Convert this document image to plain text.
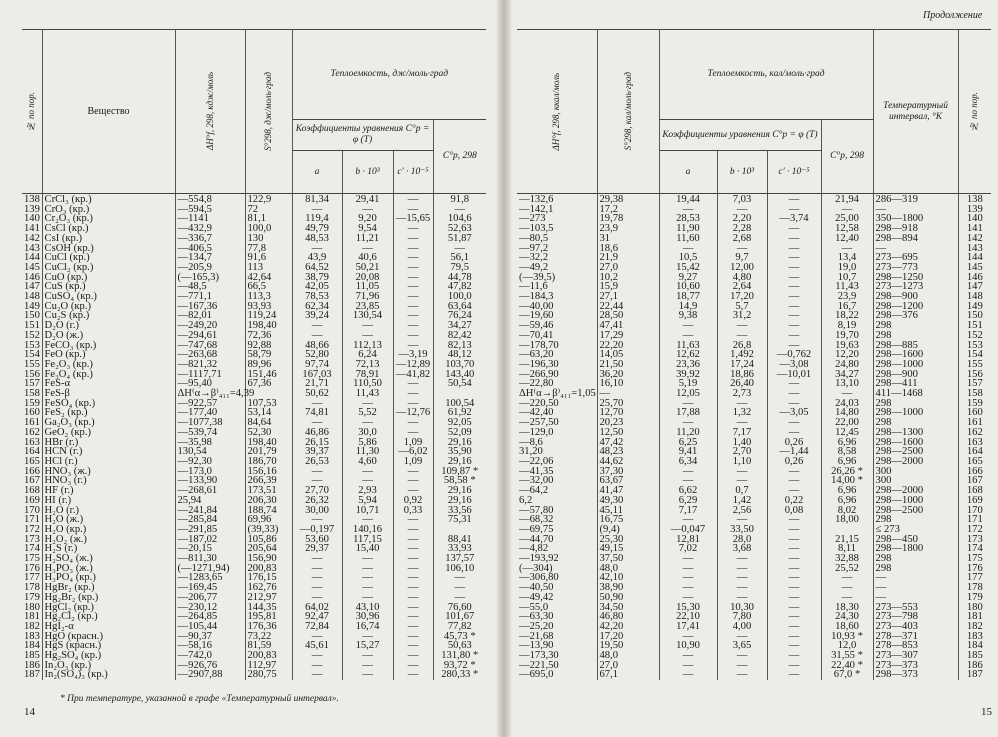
№ по пор.	Вещество	ΔH°f, 298, кдж/моль	S°298, дж/моль·град	Теплоемкость, дж/моль·град			
				Коэффициенты уравнения C°p = φ (T)			C°p, 298
				a	b · 10³	c' · 10⁻⁵	
138	CrCl₃ (кр.)	—554,8	122,9	81,34	29,41	—	91,8
139	CrO₃ (кр.)	—594,5	72	—	—	—	—
140	Cr₂O₃ (кр.)	—1141	81,1	119,4	9,20	—15,65	104,6
141	CsCl (кр.)	—432,9	100,0	49,79	9,54	—	52,63
142	CsI (кр.)	—336,7	130	48,53	11,21	—	51,87
143	CsOH (кр.)	—406,5	77,8	—	—	—	—
144	CuCl (кр.)	—134,7	91,6	43,9	40,6	—	56,1
145	CuCl₂ (кр.)	—205,9	113	64,52	50,21	—	79,5
146	CuO (кр.)	(—165,3)	42,64	38,79	20,08	—	44,78
147	CuS (кр.)	—48,5	66,5	42,05	11,05	—	47,82
148	CuSO₄ (кр.)	—771,1	113,3	78,53	71,96	—	100,0
149	Cu₂O (кр.)	—167,36	93,93	62,34	23,85	—	63,64
150	Cu₂S (кр.)	—82,01	119,24	39,24	130,54	—	76,24
151	D₂O (г.)	—249,20	198,40	—	—	—	34,27
152	D₂O (ж.)	—294,61	72,36	—	—	—	82,42
153	FeCO₃ (кр.)	—747,68	92,88	48,66	112,13	—	82,13
154	FeO (кр.)	—263,68	58,79	52,80	6,24	—3,19	48,12
155	Fe₂O₃ (кр.)	—821,32	89,96	97,74	72,13	—12,89	103,70
156	Fe₃O₄ (кр.)	—1117,71	151,46	167,03	78,91	—41,82	143,40
157	FeS-α	—95,40	67,36	21,71	110,50	—	50,54
158	FeS-β	ΔH⁽α→β⁾₄₁₁=4,39		50,62	11,43	—	
159	FeSO₄ (кр.)	—922,57	107,53	—	—	—	100,54
160	FeS₂ (кр.)	—177,40	53,14	74,81	5,52	—12,76	61,92
161	Ga₂O₃ (кр.)	—1077,38	84,64	—	—	—	92,05
162	GeO₂ (кр.)	—539,74	52,30	46,86	30,0	—	52,09
163	HBr (г.)	—35,98	198,40	26,15	5,86	1,09	29,16
164	HCN (г.)	130,54	201,79	39,37	11,30	—6,02	35,90
165	HCl (г.)	—92,30	186,70	26,53	4,60	1,09	29,16
166	HNO₃ (ж.)	—173,0	156,16	—	—	—	109,87 *
167	HNO₃ (г.)	—133,90	266,39	—	—	—	58,58 *
168	HF (г.)	—268,61	173,51	27,70	2,93	—	29,16
169	HI (г.)	25,94	206,30	26,32	5,94	0,92	29,16
170	H₂O (г.)	—241,84	188,74	30,00	10,71	0,33	33,56
171	H₂O (ж.)	—285,84	69,96	—	—	—	75,31
172	H₂O (кр.)	—291,85	(39,33)	—0,197	140,16	—	
173	H₂O₂ (ж.)	—187,02	105,86	53,60	117,15	—	88,41
174	H₂S (г.)	—20,15	205,64	29,37	15,40	—	33,93
175	H₂SO₄ (ж.)	—811,30	156,90	—	—	—	137,57
176	H₃PO₃ (ж.)	(—1271,94)	200,83	—	—	—	106,10
177	H₃PO₄ (кр.)	—1283,65	176,15	—	—	—	—
178	HgBr₂ (кр.)	—169,45	162,76	—	—	—	—
179	Hg₂Br₂ (кр.)	—206,77	212,97	—	—	—	—
180	HgCl₂ (кр.)	—230,12	144,35	64,02	43,10	—	76,60
181	Hg₂Cl₂ (кр.)	—264,85	195,81	92,47	30,96	—	101,67
182	HgI₂-α	—105,44	176,36	72,84	16,74	—	77,82
183	HgO (красн.)	—90,37	73,22	—	—	—	45,73 *
184	HgS (красн.)	—58,16	81,59	45,61	15,27	—	50,63
185	Hg₂SO₄ (кр.)	—742,0	200,83	—	—	—	131,80 *
186	In₂O₃ (кр.)	—926,76	112,97	—	—	—	93,72 *
187	In₂(SO₄)₃ (кр.)	—2907,88	280,75	—	—	—	280,33 *
* При температуре, указанной в графе «Температурный интервал».
14
Продолжение
ΔH°f, 298, ккал/моль	S°298, кал/моль·град	Теплоемкость, кал/моль·град				Температурный интервал, °K	№ по пор.

		Коэффициенты уравнения C°p = φ (T)			C°p, 298		
		a	b · 10³	c' · 10⁻⁵			
—132,6	29,38	19,44	7,03	—	21,94	286—319	138
—142,1	17,2	—	—	—	—	—	139
—273	19,78	28,53	2,20	—3,74	25,00	350—1800	140
—103,5	23,9	11,90	2,28	—	12,58	298—918	141
—80,5	31	11,60	2,68	—	12,40	298—894	142
—97,2	18,6	—	—	—	—	—	143
—32,2	21,9	10,5	9,7	—	13,4	273—695	144
—49,2	27,0	15,42	12,00	—	19,0	273—773	145
(—39,5)	10,2	9,27	4,80	—	10,7	298—1250	146
—11,6	15,9	10,60	2,64	—	11,43	273—1273	147
—184,3	27,1	18,77	17,20	—	23,9	298—900	148
—40,00	22,44	14,9	5,7	—	16,7	298—1200	149
—19,60	28,50	9,38	31,2	—	18,22	298—376	150
—59,46	47,41	—	—	—	8,19	298	151
—70,41	17,29	—	—	—	19,70	298	152
—178,70	22,20	11,63	26,8	—	19,63	298—885	153
—63,20	14,05	12,62	1,492	—0,762	12,20	298—1600	154
—196,30	21,50	23,36	17,24	—3,08	24,80	298—1000	155
—266,90	36,20	39,92	18,86	—10,01	34,27	298—900	156
—22,80	16,10	5,19	26,40	—	13,10	298—411	157
ΔH⁽α→β⁾₄₁₁=1,05	—	12,05	2,73	—	—	411—1468	158
—220,50	25,70	—	—	—	24,03	298	159
—42,40	12,70	17,88	1,32	—3,05	14,80	298—1000	160
—257,50	20,23	—	—	—	22,00	298	161
—129,0	12,50	11,20	7,17	—	12,45	298—1300	162
—8,6	47,42	6,25	1,40	0,26	6,96	298—1600	163
31,20	48,23	9,41	2,70	—1,44	8,58	298—2500	164
—22,06	44,62	6,34	1,10	0,26	6,96	298—2000	165
—41,35	37,30	—	—	—	26,26 *	300	166
—32,00	63,67	—	—	—	14,00 *	300	167
—64,2	41,47	6,62	0,7	—	6,96	298—2000	168
6,2	49,30	6,29	1,42	0,22	6,96	298—1000	169
—57,80	45,11	7,17	2,56	0,08	8,02	298—2500	170
—68,32	16,75	—	—	—	18,00	298	171
—69,75	(9,4)	—0,047	33,50	—		≤ 273	172
—44,70	25,30	12,81	28,0	—	21,15	298—450	173
—4,82	49,15	7,02	3,68	—	8,11	298—1800	174
—193,92	37,50	—	—	—	32,88	298	175
(—304)	48,0	—	—	—	25,52	298	176
—306,80	42,10	—	—	—	—	—	177
—40,50	38,90	—	—	—	—	—	178
—49,42	50,90	—	—	—	—	—	179
—55,0	34,50	15,30	10,30	—	18,30	273—553	180
—63,30	46,80	22,10	7,80	—	24,30	273—798	181
—25,20	42,20	17,41	4,00	—	18,60	273—403	182
—21,68	17,20	—	—	—	10,93 *	278—371	183
—13,90	19,50	10,90	3,65	—	12,0	278—853	184
—173,30	48,0	—	—	—	31,55 *	273—307	185
—221,50	27,0	—	—	—	22,40 *	273—373	186
—695,0	67,1	—	—	—	67,0 *	298—373	187
15
